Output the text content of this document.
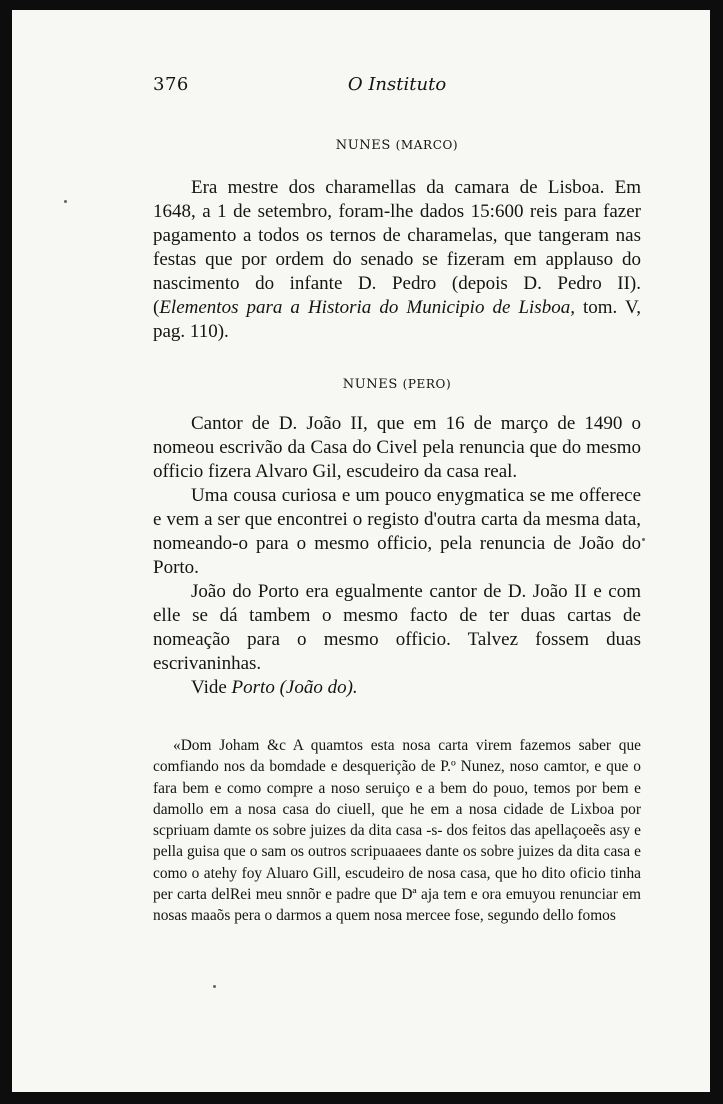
376	O Instituto
NUNES (MARCO)

Era mestre dos charamellas da camara de Lisboa. Em 1648, a 1 de setembro, foram-lhe dados 15:600 reis para fazer pagamento a todos os ternos de charamelas, que tangeram nas festas que por ordem do senado se fizeram em applauso do nascimento do infante D. Pedro (depois D. Pedro II). (Elementos para a Historia do Municipio de Lisboa, tom. V, pag. 110).

NUNES (PERO)

Cantor de D. João II, que em 16 de março de 1490 o nomeou escrivão da Casa do Civel pela renuncia que do mesmo officio fizera Alvaro Gil, escudeiro da casa real.

Uma cousa curiosa e um pouco enygmatica se me offerece e vem a ser que encontrei o registo d'outra carta da mesma data, nomeando-o para o mesmo officio, pela renuncia de João do Porto.

João do Porto era egualmente cantor de D. João II e com elle se dá tambem o mesmo facto de ter duas cartas de nomeação para o mesmo officio. Talvez fossem duas escrivaninhas.

Vide Porto (João do).

«Dom Joham &c A quamtos esta nosa carta virem fazemos saber que comfiando nos da bomdade e desquerição de P.º Nunez, noso camtor, e que o fara bem e como compre a noso seruiço e a bem do pouo, temos por bem e damollo em a nosa casa do ciuell, que he em a nosa cidade de Lixboa por scpriuam damte os sobre juizes da dita casa -s- dos feitos das apellaçoeẽs asy e pella guisa que o sam os outros scripuaaees dante os sobre juizes da dita casa e como o atehy foy Aluaro Gill, escudeiro de nosa casa, que ho dito oficio tinha per carta delRei meu snnõr e padre que Dª aja tem e ora emuyou renunciar em nosas maaõs pera o darmos a quem nosa mercee fose, segundo dello fomos
